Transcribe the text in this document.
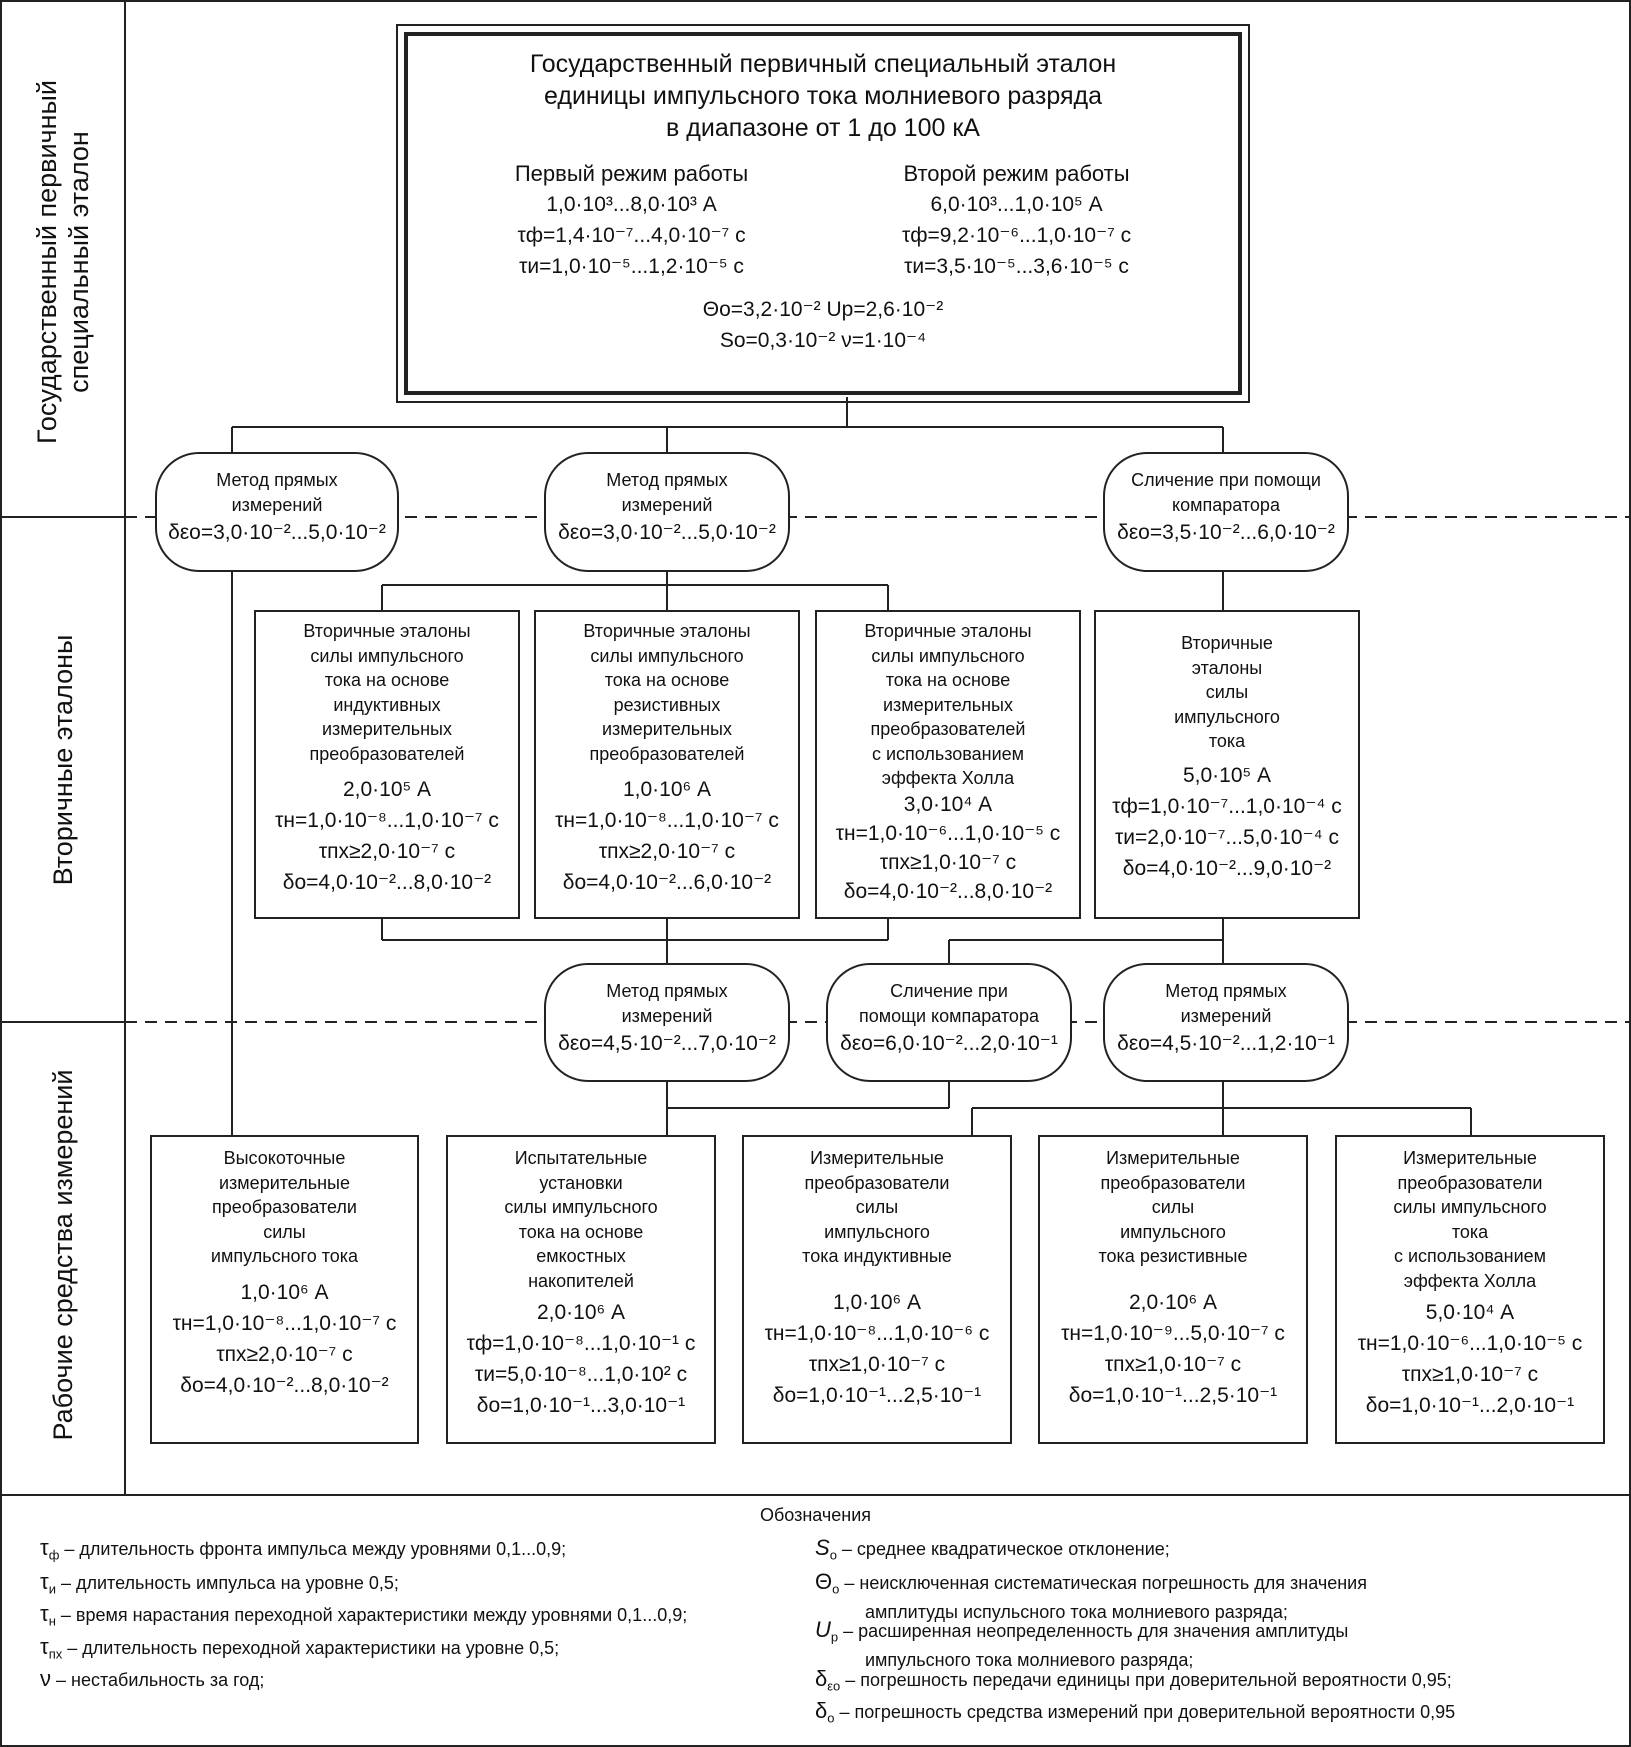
Государственный первичный специальный эталон
Вторичные эталоны
Рабочие средства измерений
Государственный первичный специальный эталон
единицы импульсного тока молниевого разряда
в диапазоне от 1 до 100 кА
Первый режим работы
1,0·10³...8,0·10³ А
τф=1,4·10⁻⁷...4,0·10⁻⁷ с
τи=1,0·10⁻⁵...1,2·10⁻⁵ с
Второй режим работы
6,0·10³...1,0·10⁵ А
τф=9,2·10⁻⁶...1,0·10⁻⁷ с
τи=3,5·10⁻⁵...3,6·10⁻⁵ с
Θо=3,2·10⁻² Uр=2,6·10⁻²
Sо=0,3·10⁻² ν=1·10⁻⁴
Метод прямых
измерений
δεо=3,0·10⁻²...5,0·10⁻²
Метод прямых
измерений
δεо=3,0·10⁻²...5,0·10⁻²
Сличение при помощи
компаратора
δεо=3,5·10⁻²...6,0·10⁻²
Вторичные эталоны
силы импульсного
тока на основе
индуктивных
измерительных
преобразователей
2,0·10⁵ А
τн=1,0·10⁻⁸...1,0·10⁻⁷ с
τпх≥2,0·10⁻⁷ с
δо=4,0·10⁻²...8,0·10⁻²
Вторичные эталоны
силы импульсного
тока на основе
резистивных
измерительных
преобразователей
1,0·10⁶ А
τн=1,0·10⁻⁸...1,0·10⁻⁷ с
τпх≥2,0·10⁻⁷ с
δо=4,0·10⁻²...6,0·10⁻²
Вторичные эталоны
силы импульсного
тока на основе
измерительных
преобразователей
с использованием
эффекта Холла
3,0·10⁴ А
τн=1,0·10⁻⁶...1,0·10⁻⁵ с
τпх≥1,0·10⁻⁷ с
δо=4,0·10⁻²...8,0·10⁻²
Вторичные
эталоны
силы
импульсного
тока
5,0·10⁵ А
τф=1,0·10⁻⁷...1,0·10⁻⁴ с
τи=2,0·10⁻⁷...5,0·10⁻⁴ с
δо=4,0·10⁻²...9,0·10⁻²
Метод прямых
измерений
δεо=4,5·10⁻²...7,0·10⁻²
Сличение при
помощи компаратора
δεо=6,0·10⁻²...2,0·10⁻¹
Метод прямых
измерений
δεо=4,5·10⁻²...1,2·10⁻¹
Высокоточные
измерительные
преобразователи
силы
импульсного тока
1,0·10⁶ А
τн=1,0·10⁻⁸...1,0·10⁻⁷ с
τпх≥2,0·10⁻⁷ с
δо=4,0·10⁻²...8,0·10⁻²
Испытательные
установки
силы импульсного
тока на основе
емкостных
накопителей
2,0·10⁶ А
τф=1,0·10⁻⁸...1,0·10⁻¹ с
τи=5,0·10⁻⁸...1,0·10² с
δо=1,0·10⁻¹...3,0·10⁻¹
Измерительные
преобразователи
силы
импульсного
тока индуктивные
1,0·10⁶ А
τн=1,0·10⁻⁸...1,0·10⁻⁶ с
τпх≥1,0·10⁻⁷ с
δо=1,0·10⁻¹...2,5·10⁻¹
Измерительные
преобразователи
силы
импульсного
тока резистивные
2,0·10⁶ А
τн=1,0·10⁻⁹...5,0·10⁻⁷ с
τпх≥1,0·10⁻⁷ с
δо=1,0·10⁻¹...2,5·10⁻¹
Измерительные
преобразователи
силы импульсного
тока
с использованием
эффекта Холла
5,0·10⁴ А
τн=1,0·10⁻⁶...1,0·10⁻⁵ с
τпх≥1,0·10⁻⁷ с
δо=1,0·10⁻¹...2,0·10⁻¹
Обозначения
$\tau_ф$ – длительность фронта импульса между уровнями 0,1...0,9;
$\tau_и$ – длительность импульса на уровне 0,5;
$\tau_н$ – время нарастания переходной характеристики между уровнями 0,1...0,9;
$\tau_{пх}$ – длительность переходной характеристики на уровне 0,5;
ν – нестабильность за год;
$S_о$ – среднее квадратическое отклонение;
$\Theta_о$ – неисключенная систематическая погрешность для значения
амплитуды испульсного тока молниевого разряда;
$U_р$ – расширенная неопределенность для значения амплитуды
импульсного тока молниевого разряда;
$\delta_{\varepsilon о}$ – погрешность передачи единицы при доверительной вероятности 0,95;
$\delta_о$ – погрешность средства измерений при доверительной вероятности 0,95
